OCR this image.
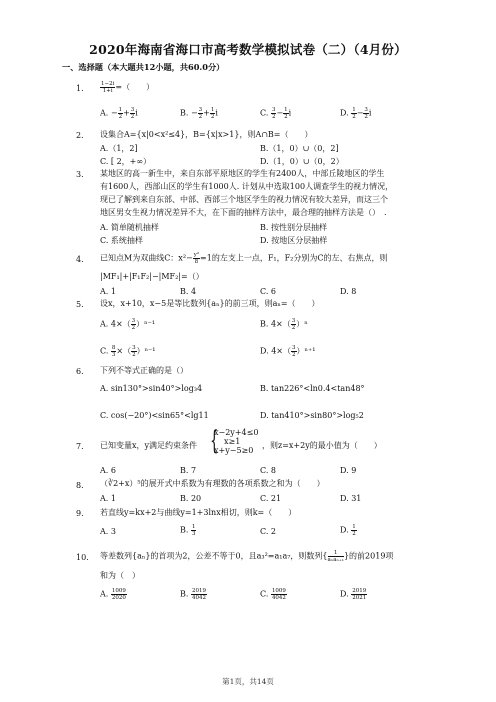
2020年海南省海口市高考数学模拟试卷（二）（4月份）
一、选择题（本大题共12小题，共60.0分）
1.	$\frac{1-2i}{1+i}$ =（　　）
A. − $\frac{1}{2} + \frac{3}{2}$ i	B. − $\frac{3}{2} + \frac{1}{2}$ i	C. $\frac{3}{2} - \frac{1}{2}$ i	D. $\frac{1}{2} - \frac{3}{2}$ i
2. 设集合A={x|0<x²≤4}，B={x|x>1}，则A∩B=（　　）
A.（1，2]	B.（1，0）∪（0，2]
C. [ 2，+∞）	D.（1，0）∪（0，2）
3. 某地区的高一新生中，来自东部平原地区的学生有2400人，中部丘陵地区的学生
有1600人，西部山区的学生有1000人. 计划从中选取100人调查学生的视力情况，
现已了解到来自东部、中部、西部三个地区学生的视力情况有较大差异，而这三个
地区男女生视力情况差异不大，在下面的抽样方法中，最合理的抽样方法是（）　.
A. 简单随机抽样	B. 按性别分层抽样
C. 系统抽样	D. 按地区分层抽样
4. 已知点M为双曲线C：$x^2- \frac{\text{y²}}{8} =1$的左支上一点，F₁，F₂分别为C的左、右焦点，则
|MF₁|+|F₁F₂|−|MF₂|=（）
A. 1	B. 4	C. 6	D. 8
5. 设x，x+10，x−5是等比数列{aₙ}的前三项，则aₙ=（　　）
A. $4\times( \frac{3}{2} )^{n-1}$	B. $4\times( \frac{3}{2} )^n$
C. $\frac{8}{3}$ ×（ $\frac{3}{2} )^{n-1}$	D. $4\times( \frac{3}{2} )^{n+1}$
6. 下列不等式正确的是（）
A. sin130°>sin40°>log₃4	B. tan226°<ln0.4<tan48°
C. cos(−20°)<sin65°<lg11	D. tan410°>sin80°>log₅2
7. 已知变量x，y满足约束条件 {
x−2y+4≤0
x≥1
x+y−5≥0
，则z=x+2y的最小值为（　　）
A. 6	B. 7	C. 8	D. 9
8. （∛2+x）⁵的展开式中系数为有理数的各项系数之和为（　　）
A. 1	B. 20	C. 21	D. 31
9. 若直线y=kx+2与曲线y=1+3lnx相切，则k=（　　）
A. 3	B. $\frac{1}{3}$	C. 2	D. $\frac{1}{2}$
10. 等差数列{aₙ}的首项为2，公差不等于0，且a₃²=a₁a₇，则数列{ $\frac{1}{\text{aₙaₙ₊₁}}$ }的前2019项
和为（　）
A. $\frac{1009}{2020}$	B. $\frac{2019}{4042}$	C. $\frac{1009}{4042}$	D. $\frac{2019}{2021}$
第1页，共14页
